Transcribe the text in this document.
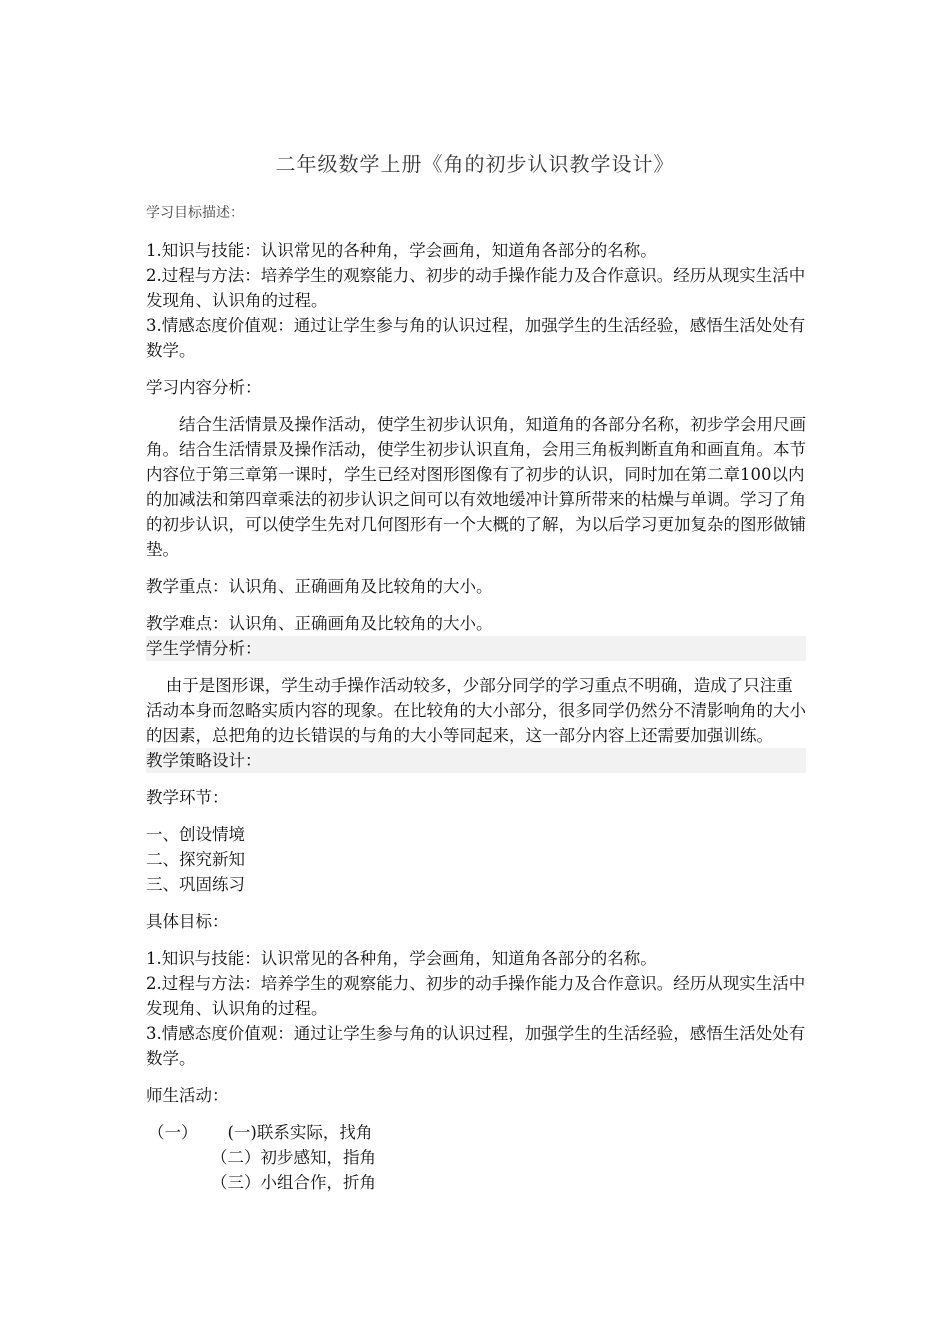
二年级数学上册《角的初步认识教学设计》

学习目标描述：

1.知识与技能：认识常见的各种角，学会画角，知道角各部分的名称。

2.过程与方法：培养学生的观察能力、初步的动手操作能力及合作意识。经历从现实生活中发现角、认识角的过程。

3.情感态度价值观：通过让学生参与角的认识过程，加强学生的生活经验，感悟生活处处有数学。

学习内容分析：

结合生活情景及操作活动，使学生初步认识角，知道角的各部分名称，初步学会用尺画角。结合生活情景及操作活动，使学生初步认识直角，会用三角板判断直角和画直角。本节内容位于第三章第一课时，学生已经对图形图像有了初步的认识，同时加在第二章100以内的加减法和第四章乘法的初步认识之间可以有效地缓冲计算所带来的枯燥与单调。学习了角的初步认识，可以使学生先对几何图形有一个大概的了解，为以后学习更加复杂的图形做铺垫。

教学重点：认识角、正确画角及比较角的大小。

教学难点：认识角、正确画角及比较角的大小。

学生学情分析：

由于是图形课，学生动手操作活动较多，少部分同学的学习重点不明确，造成了只注重活动本身而忽略实质内容的现象。在比较角的大小部分，很多同学仍然分不清影响角的大小的因素，总把角的边长错误的与角的大小等同起来，这一部分内容上还需要加强训练。

教学策略设计：

教学环节：

一、创设情境

二、探究新知

三、巩固练习

具体目标：

1.知识与技能：认识常见的各种角，学会画角，知道角各部分的名称。

2.过程与方法：培养学生的观察能力、初步的动手操作能力及合作意识。经历从现实生活中发现角、认识角的过程。

3.情感态度价值观：通过让学生参与角的认识过程，加强学生的生活经验，感悟生活处处有数学。

师生活动：

（一） (一)联系实际，找角

（二）初步感知，指角

（三）小组合作，折角
